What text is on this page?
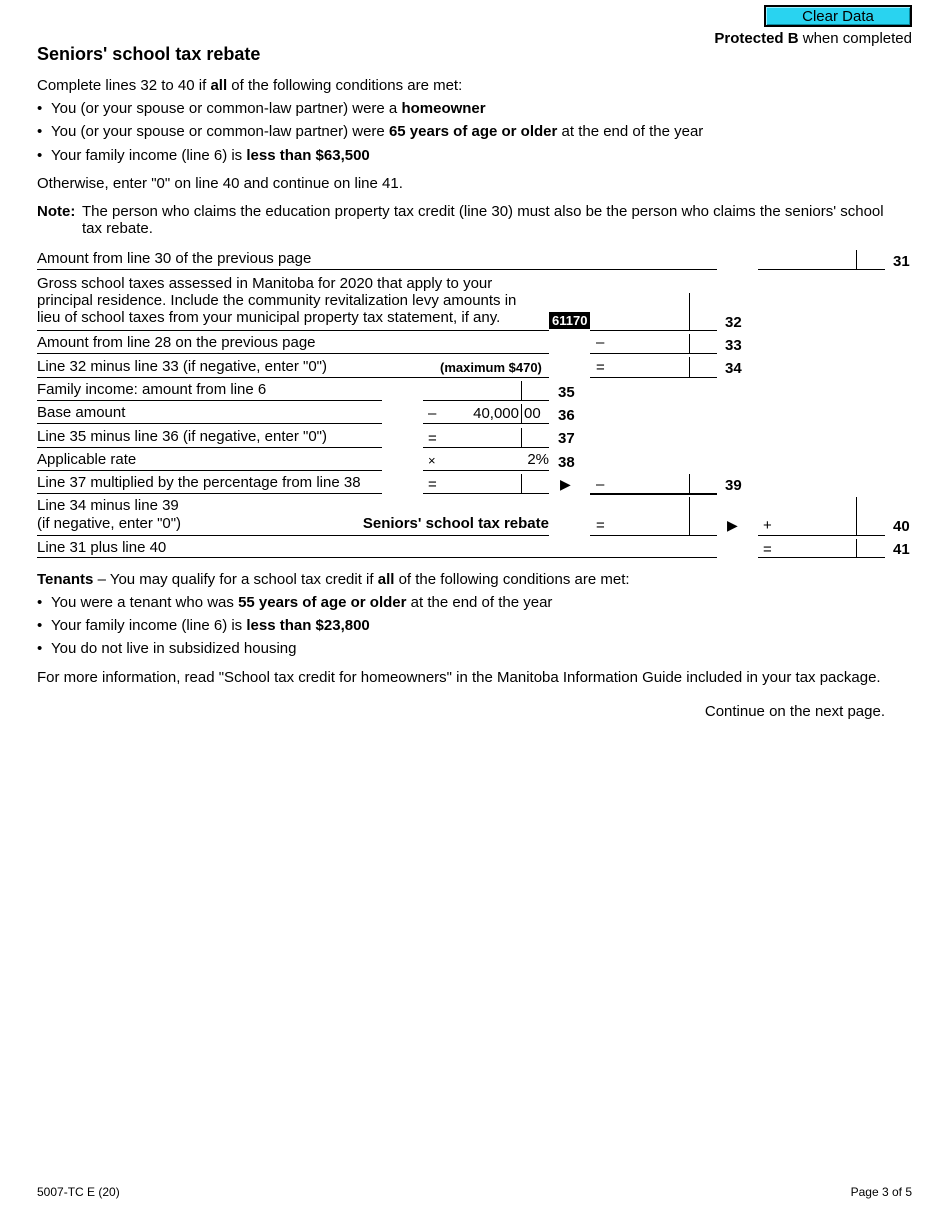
Clear Data
Protected B when completed
Seniors' school tax rebate
Complete lines 32 to 40 if all of the following conditions are met:
• You (or your spouse or common-law partner) were a homeowner
• You (or your spouse or common-law partner) were 65 years of age or older at the end of the year
• Your family income (line 6) is less than $63,500
Otherwise, enter "0" on line 40 and continue on line 41.
Note: The person who claims the education property tax credit (line 30) must also be the person who claims the seniors' school
tax rebate.
Amount from line 30 of the previous page	31
Gross school taxes assessed in Manitoba for 2020 that apply to your
principal residence. Include the community revitalization levy amounts in
lieu of school taxes from your municipal property tax statement, if any.	61170	32
Amount from line 28 on the previous page	–	33
Line 32 minus line 33 (if negative, enter "0")	(maximum $470)	=	34
Family income: amount from line 6	35
Base amount	– 40,000 00 36
Line 35 minus line 36 (if negative, enter "0")	=	37
Applicable rate	×	2% 38
Line 37 multiplied by the percentage from line 38	=	▶ –	39
Line 34 minus line 39
(if negative, enter "0")	Seniors' school tax rebate	=	▶ +	40
Line 31 plus line 40	=	41
Tenants – You may qualify for a school tax credit if all of the following conditions are met:
• You were a tenant who was 55 years of age or older at the end of the year
• Your family income (line 6) is less than $23,800
• You do not live in subsidized housing
For more information, read "School tax credit for homeowners" in the Manitoba Information Guide included in your tax package.
Continue on the next page.
5007-TC E (20)	Page 3 of 5
